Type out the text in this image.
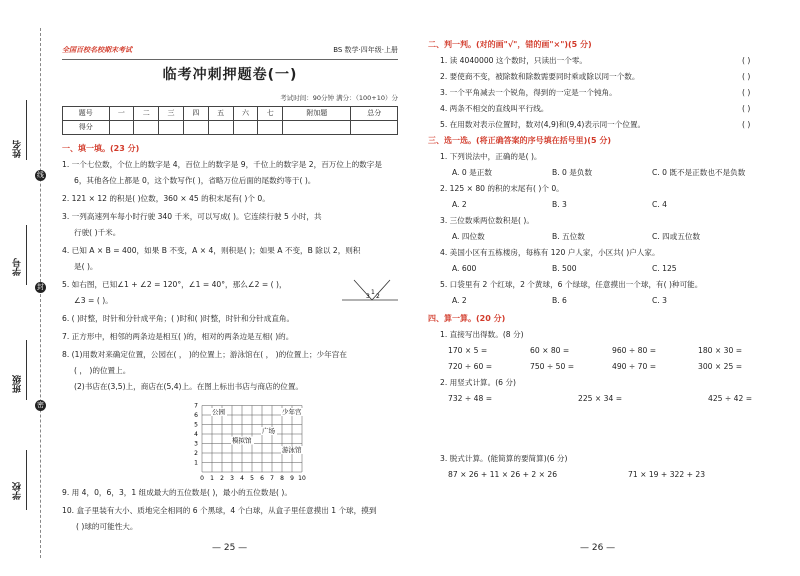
姓名
学号
班级
学校
线
封
密
全国百校名校期末考试	BS 数学·四年级·上册
临考冲刺押题卷(一)
考试时间：90分钟 满分：（100+10）分
题号	一	二	三	四	五	六	七	附加题	总分
得分									
一、填一填。(23 分)
1. 一个七位数，个位上的数字是 4，百位上的数字是 9，千位上的数字是 2，百万位上的数字是
6，其他各位上都是 0，这个数写作( )，省略万位后面的尾数约等于( )。
2. 121 × 12 的积是( )位数，360 × 45 的积末尾有( )个 0。
3. 一列高速列车每小时行驶 340 千米，可以写成( )。它连续行驶 5 小时，共
行驶( )千米。
4. 已知 A × B = 400，如果 B 不变，A × 4，则积是( )；如果 A 不变，B 除以 2，则积
是( )。
5. 如右图，已知∠1 + ∠2 = 120°，∠1 = 40°，那么∠2 = ( )，
∠3 = ( )。	3
1
2
6. ( )时整，时针和分针成平角；( )时和( )时整，时针和分针成直角。
7. 正方形中，相邻的两条边是相互( )的，相对的两条边是互相( )的。
8. (1)用数对来确定位置，公园在( ， )的位置上；游泳馆在( ， )的位置上；少年宫在
( ， )的位置上。
(2)书店在(3,5)上，商店在(5,4)上。在图上标出书店与商店的位置。
0 1 2 3 4 5 6 7 8 9 10
1
2
3
4
5
6
7
公园	少年宫
广场
模拟馆
游泳馆
9. 用 4，0，6，3，1 组成最大的五位数是( )，最小的五位数是( )。
10. 盒子里装有大小、质地完全相同的 6 个黑球，4 个白球，从盒子里任意摸出 1 个球，摸到
( )球的可能性大。
— 25 —
二、判一判。(对的画"√"，错的画"×")(5 分)
1. 读 4040000 这个数时，只读出一个零。	( )
2. 要使商不变，被除数和除数需要同时乘或除以同一个数。	( )
3. 一个平角减去一个锐角，得到的一定是一个钝角。	( )
4. 两条不相交的直线叫平行线。	( )
5. 在用数对表示位置时，数对(4,9)和(9,4)表示同一个位置。	( )
三、选一选。(将正确答案的序号填在括号里)(5 分)
1. 下列说法中，正确的是( )。
A. 0 是正数	B. 0 是负数	C. 0 既不是正数也不是负数
2. 125 × 80 的积的末尾有( )个 0。
A. 2	B. 3	C. 4
3. 三位数乘两位数积是( )。
A. 四位数	B. 五位数	C. 四或五位数
4. 美国小区有五栋楼房，每栋有 120 户人家，小区共( )户人家。
A. 600	B. 500	C. 125
5. 口袋里有 2 个红球，2 个黄球，6 个绿球，任意摸出一个球，有( )种可能。
A. 2	B. 6	C. 3
四、算一算。(20 分)
1. 直接写出得数。(8 分)
170 × 5 =	60 × 80 =	960 ÷ 80 =	180 × 30 =
720 ÷ 60 =	750 ÷ 50 =	490 ÷ 70 =	300 × 25 =
2. 用竖式计算。(6 分)
732 ÷ 48 =	225 × 34 =	425 ÷ 42 =
3. 脱式计算。(能简算的要简算)(6 分)
87 × 26 + 11 × 26 + 2 × 26	71 × 19 + 322 + 23
— 26 —
